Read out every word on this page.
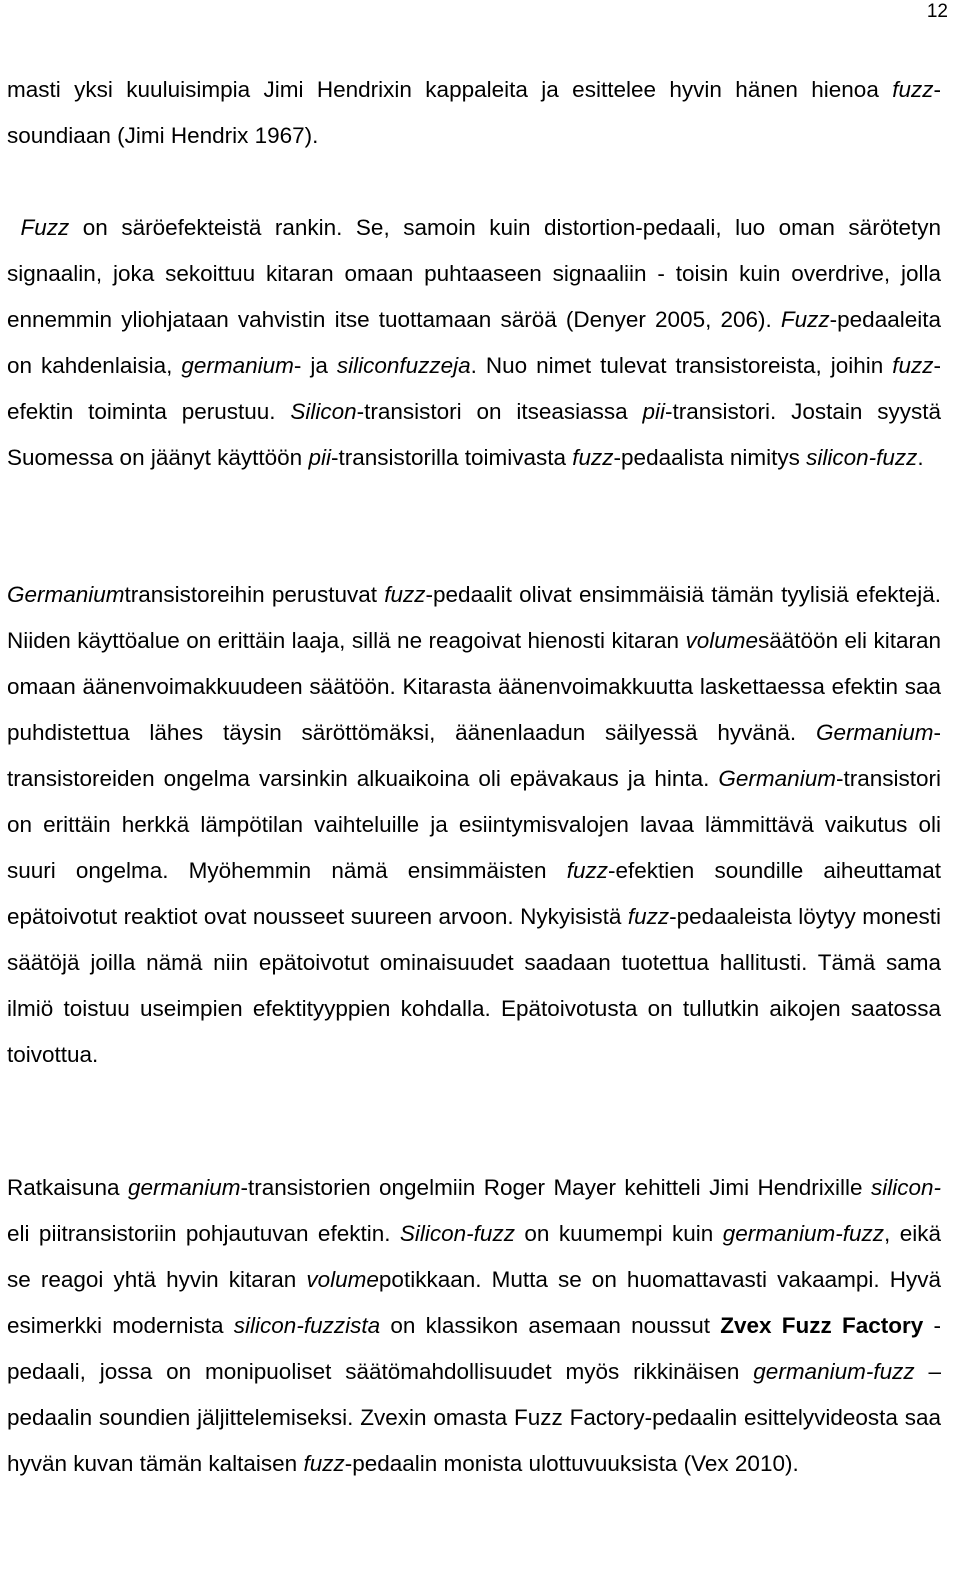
12

masti yksi kuuluisimpia Jimi Hendrixin kappaleita ja esittelee hyvin hänen hienoa fuzz-soundiaan (Jimi Hendrix 1967).

Fuzz on säröefekteistä rankin. Se, samoin kuin distortion-pedaali, luo oman särötetyn signaalin, joka sekoittuu kitaran omaan puhtaaseen signaaliin - toisin kuin overdrive, jolla ennemmin yliohjataan vahvistin itse tuottamaan säröä (Denyer 2005, 206). Fuzz-pedaaleita on kahdenlaisia, germanium- ja siliconfuzzeja. Nuo nimet tulevat transistoreista, joihin fuzz-efektin toiminta perustuu. Silicon-transistori on itseasiassa pii-transistori. Jostain syystä Suomessa on jäänyt käyttöön pii-transistorilla toimivasta fuzz-pedaalista nimitys silicon-fuzz.

Germaniumtransistoreihin perustuvat fuzz-pedaalit olivat ensimmäisiä tämän tyylisiä efektejä. Niiden käyttöalue on erittäin laaja, sillä ne reagoivat hienosti kitaran volumesäätöön eli kitaran omaan äänenvoimakkuudeen säätöön. Kitarasta äänenvoimakkuutta laskettaessa efektin saa puhdistettua lähes täysin säröttömäksi, äänenlaadun säilyessä hyvänä. Germanium-transistoreiden ongelma varsinkin alkuaikoina oli epävakaus ja hinta. Germanium-transistori on erittäin herkkä lämpötilan vaihteluille ja esiintymisvalojen lavaa lämmittävä vaikutus oli suuri ongelma. Myöhemmin nämä ensimmäisten fuzz-efektien soundille aiheuttamat epätoivotut reaktiot ovat nousseet suureen arvoon. Nykyisistä fuzz-pedaaleista löytyy monesti säätöjä joilla nämä niin epätoivotut ominaisuudet saadaan tuotettua hallitusti. Tämä sama ilmiö toistuu useimpien efektityyppien kohdalla. Epätoivotusta on tullutkin aikojen saatossa toivottua.

Ratkaisuna germanium-transistorien ongelmiin Roger Mayer kehitteli Jimi Hendrixille silicon- eli piitransistoriin pohjautuvan efektin. Silicon-fuzz on kuumempi kuin germanium-fuzz, eikä se reagoi yhtä hyvin kitaran volumepotikkaan. Mutta se on huomattavasti vakaampi. Hyvä esimerkki modernista silicon-fuzzista on klassikon asemaan noussut Zvex Fuzz Factory -pedaali, jossa on monipuoliset säätömahdollisuudet myös rikkinäisen germanium-fuzz –pedaalin soundien jäljittelemiseksi. Zvexin omasta Fuzz Factory-pedaalin esittelyvideosta saa hyvän kuvan tämän kaltaisen fuzz-pedaalin monista ulottuvuuksista (Vex 2010).
